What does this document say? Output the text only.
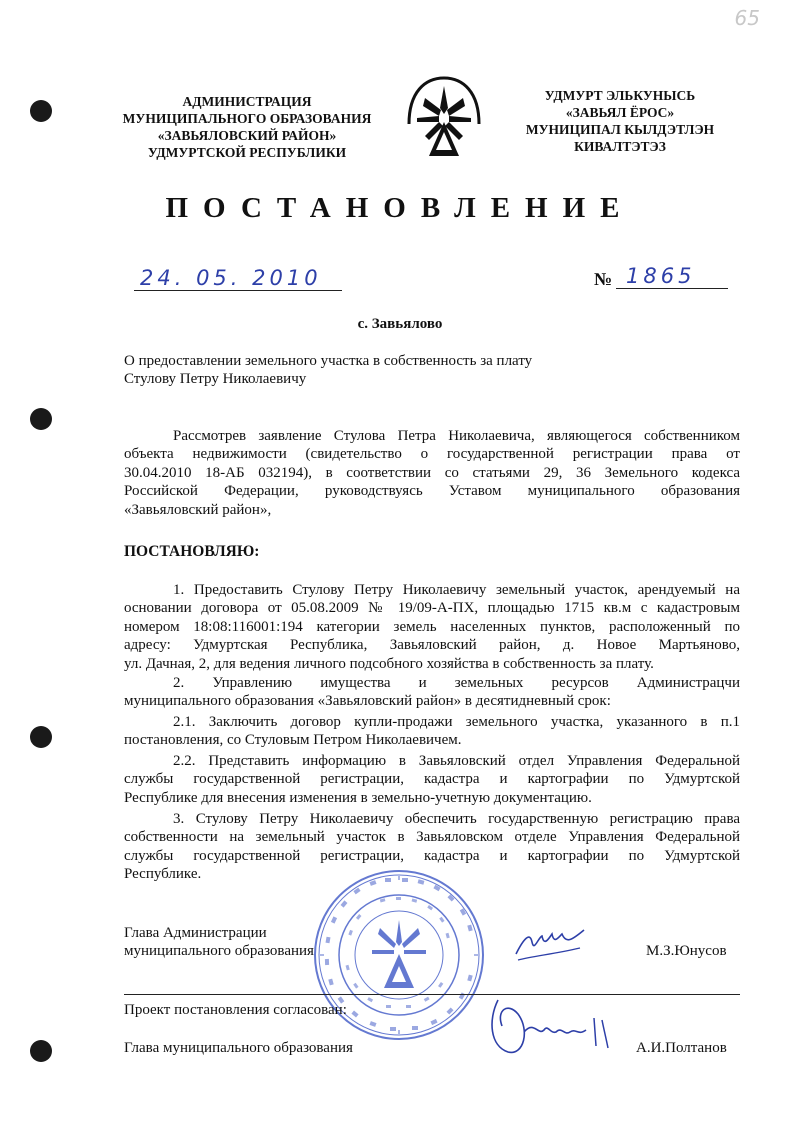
65
АДМИНИСТРАЦИЯ
МУНИЦИПАЛЬНОГО ОБРАЗОВАНИЯ
«ЗАВЬЯЛОВСКИЙ РАЙОН»
УДМУРТСКОЙ РЕСПУБЛИКИ
УДМУРТ ЭЛЬКУНЫСЬ
«ЗАВЬЯЛ ЁРОС»
МУНИЦИПАЛ КЫЛДЭТЛЭН
КИВАЛТЭТЭЗ
ПОСТАНОВЛЕНИЕ
24. 05. 2010	№ 1865
с. Завьялово
О предоставлении земельного участка в собственность за плату
Стулову Петру Николаевичу
Рассмотрев заявление Стулова Петра Николаевича, являющегося собственником
объекта недвижимости (свидетельство о государственной регистрации права от
30.04.2010 18-АБ 032194), в соответствии со статьями 29, 36 Земельного кодекса
Российской Федерации, руководствуясь Уставом муниципального образования
«Завьяловский район»,
ПОСТАНОВЛЯЮ:
1. Предоставить Стулову Петру Николаевичу земельный участок, арендуемый на
основании договора от 05.08.2009 № 19/09-А-ПХ, площадью 1715 кв.м с кадастровым
номером 18:08:116001:194 категории земель населенных пунктов, расположенный по
адресу: Удмуртская Республика, Завьяловский район, д. Новое Мартьяново,
ул. Дачная, 2, для ведения личного подсобного хозяйства в собственность за плату.
2. Управлению имущества и земельных ресурсов Администрацчи
муниципального образования «Завьяловский район» в десятидневный срок:
2.1. Заключить договор купли-продажи земельного участка, указанного в п.1
постановления, со Стуловым Петром Николаевичем.
2.2. Представить информацию в Завьяловский отдел Управления Федеральной
службы государственной регистрации, кадастра и картографии по Удмуртской
Республике для внесения изменения в земельно-учетную документацию.
3. Стулову Петру Николаевичу обеспечить государственную регистрацию права
собственности на земельный участок в Завьяловском отделе Управления Федеральной
службы государственной регистрации, кадастра и картографии по Удмуртской
Республике.
Глава Администрации
муниципального образования	М.З.Юнусов
Проект постановления согласован:
Глава муниципального образования	А.И.Полтанов
